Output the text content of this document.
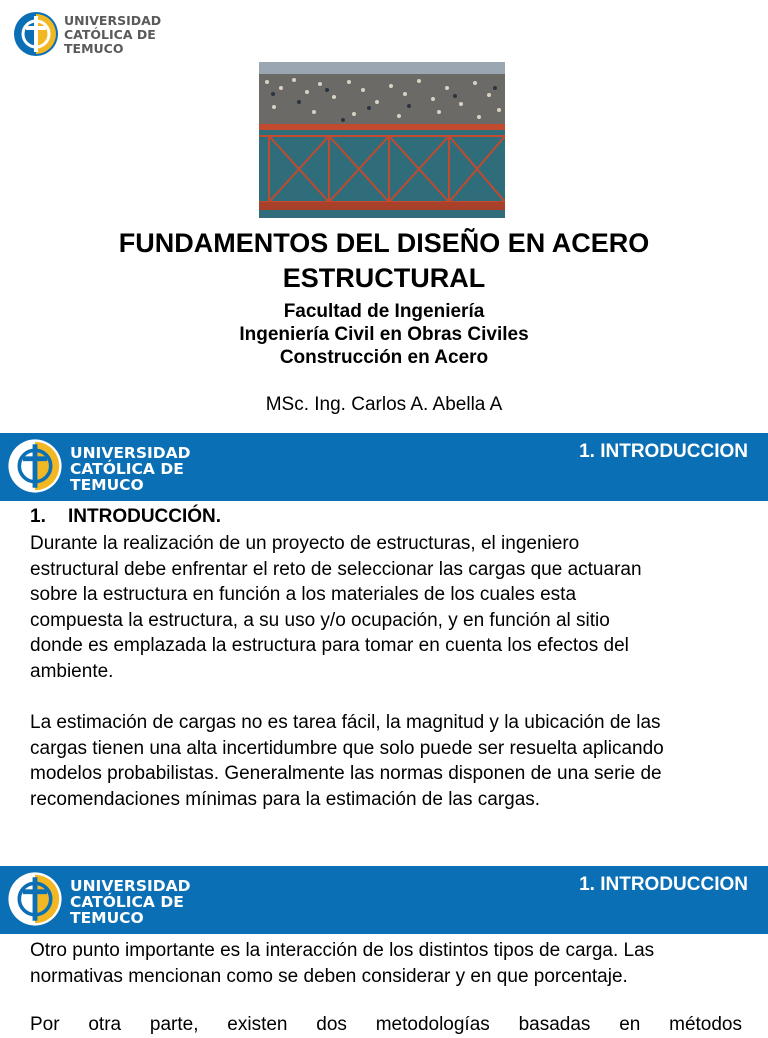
UNIVERSIDAD
CATÓLICA DE
TEMUCO
FUNDAMENTOS DEL DISEÑO EN ACERO
ESTRUCTURAL
Facultad de Ingeniería
Ingeniería Civil en Obras Civiles
Construcción en Acero
MSc. Ing. Carlos A. Abella A
UNIVERSIDAD
CATÓLICA DE
TEMUCO
1. INTRODUCCION
1. INTRODUCCIÓN.
Durante la realización de un proyecto de estructuras, el ingeniero
estructural debe enfrentar el reto de seleccionar las cargas que actuaran
sobre la estructura en función a los materiales de los cuales esta
compuesta la estructura, a su uso y/o ocupación, y en función al sitio
donde es emplazada la estructura para tomar en cuenta los efectos del
ambiente.
La estimación de cargas no es tarea fácil, la magnitud y la ubicación de las
cargas tienen una alta incertidumbre que solo puede ser resuelta aplicando
modelos probabilistas. Generalmente las normas disponen de una serie de
recomendaciones mínimas para la estimación de las cargas.
UNIVERSIDAD
CATÓLICA DE
TEMUCO
1. INTRODUCCION
Otro punto importante es la interacción de los distintos tipos de carga. Las
normativas mencionan como se deben considerar y en que porcentaje.
Por otra parte, existen dos metodologías basadas en métodos
